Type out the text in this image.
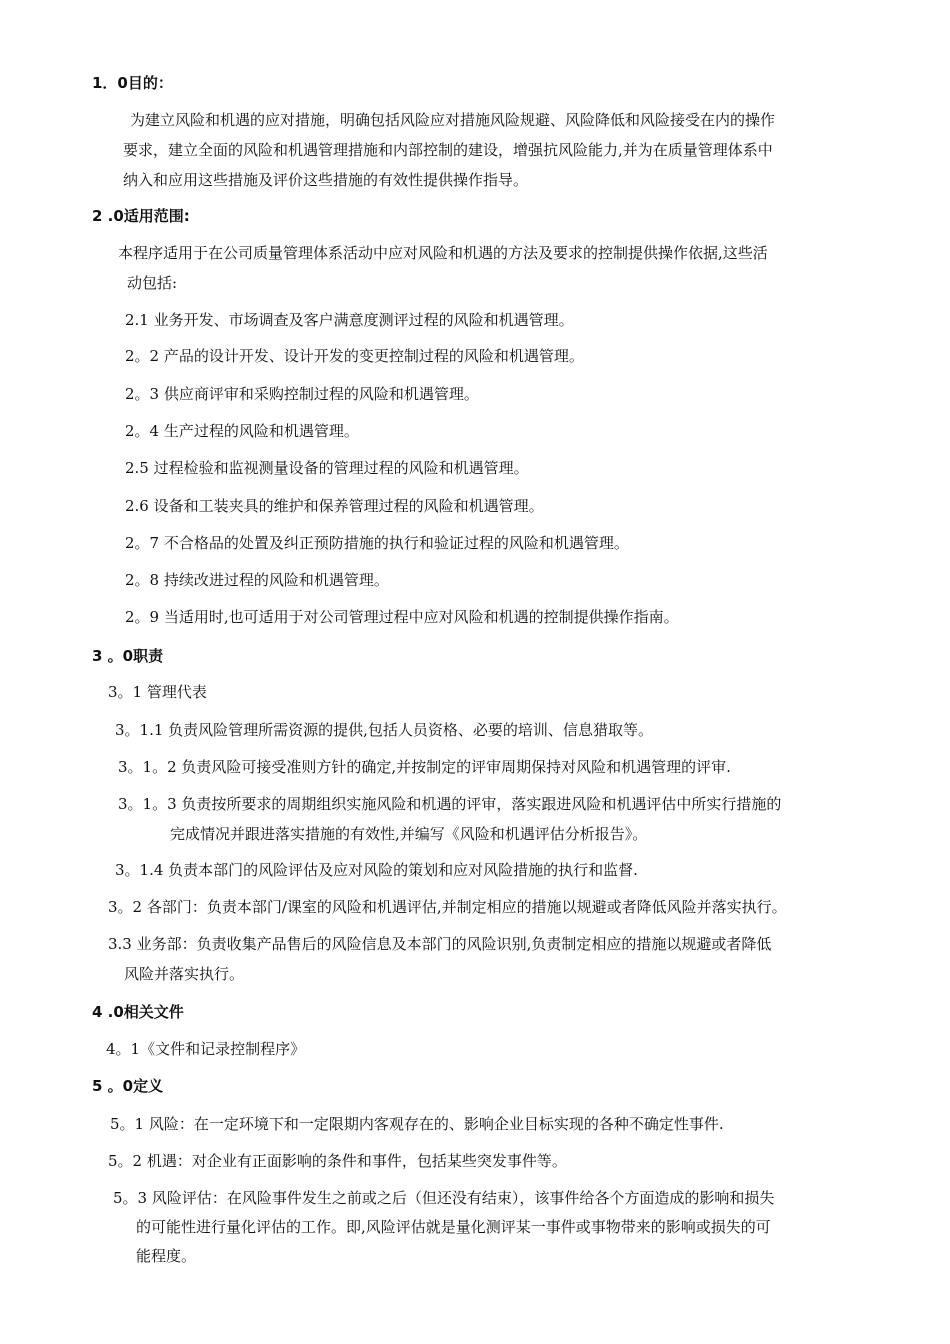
1．0目的：
为建立风险和机遇的应对措施，明确包括风险应对措施风险规避、风险降低和风险接受在内的操作
要求，建立全面的风险和机遇管理措施和内部控制的建设，增强抗风险能力,并为在质量管理体系中
纳入和应用这些措施及评价这些措施的有效性提供操作指导。
2 .0适用范围:
本程序适用于在公司质量管理体系活动中应对风险和机遇的方法及要求的控制提供操作依据,这些活
动包括:
2.1 业务开发、市场调查及客户满意度测评过程的风险和机遇管理。
2。2 产品的设计开发、设计开发的变更控制过程的风险和机遇管理。
2。3 供应商评审和采购控制过程的风险和机遇管理。
2。4 生产过程的风险和机遇管理。
2.5 过程检验和监视测量设备的管理过程的风险和机遇管理。
2.6 设备和工装夹具的维护和保养管理过程的风险和机遇管理。
2。7 不合格品的处置及纠正预防措施的执行和验证过程的风险和机遇管理。
2。8 持续改进过程的风险和机遇管理。
2。9 当适用时,也可适用于对公司管理过程中应对风险和机遇的控制提供操作指南。
3 。0职责
3。1 管理代表
3。1.1 负责风险管理所需资源的提供,包括人员资格、必要的培训、信息猎取等。
3。1。2 负责风险可接受准则方针的确定,并按制定的评审周期保持对风险和机遇管理的评审.
3。1。3 负责按所要求的周期组织实施风险和机遇的评审，落实跟进风险和机遇评估中所实行措施的
完成情况并跟进落实措施的有效性,并编写《风险和机遇评估分析报告》。
3。1.4 负责本部门的风险评估及应对风险的策划和应对风险措施的执行和监督.
3。2 各部门：负责本部门/课室的风险和机遇评估,并制定相应的措施以规避或者降低风险并落实执行。
3.3 业务部：负责收集产品售后的风险信息及本部门的风险识别,负责制定相应的措施以规避或者降低
风险并落实执行。
4 .0相关文件
4。1《文件和记录控制程序》
5 。0定义
5。1 风险：在一定环境下和一定限期内客观存在的、影响企业目标实现的各种不确定性事件.
5。2 机遇：对企业有正面影响的条件和事件，包括某些突发事件等。
5。3 风险评估：在风险事件发生之前或之后（但还没有结束），该事件给各个方面造成的影响和损失
的可能性进行量化评估的工作。即,风险评估就是量化测评某一事件或事物带来的影响或损失的可
能程度。
